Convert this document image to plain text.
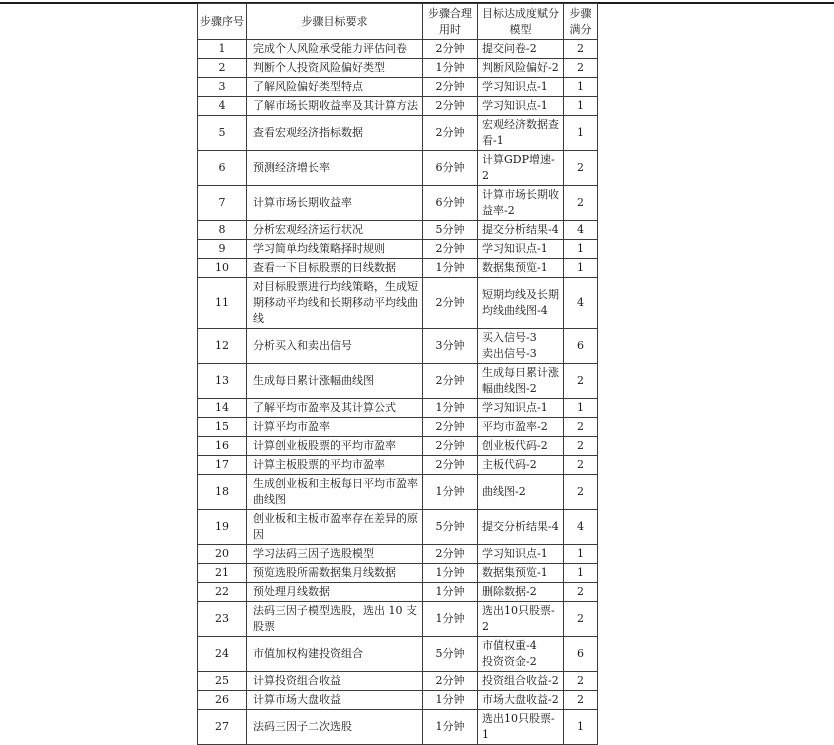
步骤序号	步骤目标要求	步骤合理用时	目标达成度赋分模型	步骤满分
1	完成个人风险承受能力评估问卷	2分钟	提交问卷-2	2
2	判断个人投资风险偏好类型	1分钟	判断风险偏好-2	2
3	了解风险偏好类型特点	2分钟	学习知识点-1	1
4	了解市场长期收益率及其计算方法	2分钟	学习知识点-1	1
5	查看宏观经济指标数据	2分钟	宏观经济数据查看-1	1
6	预测经济增长率	6分钟	计算GDP增速-2	2
7	计算市场长期收益率	6分钟	计算市场长期收益率-2	2
8	分析宏观经济运行状况	5分钟	提交分析结果-4	4
9	学习简单均线策略择时规则	2分钟	学习知识点-1	1
10	查看一下目标股票的日线数据	1分钟	数据集预览-1	1
11	对目标股票进行均线策略，生成短期移动平均线和长期移动平均线曲线	2分钟	短期均线及长期均线曲线图-4	4
12	分析买入和卖出信号	3分钟	买入信号-3
卖出信号-3	6
13	生成每日累计涨幅曲线图	2分钟	生成每日累计涨幅曲线图-2	2
14	了解平均市盈率及其计算公式	1分钟	学习知识点-1	1
15	计算平均市盈率	2分钟	平均市盈率-2	2
16	计算创业板股票的平均市盈率	2分钟	创业板代码-2	2
17	计算主板股票的平均市盈率	2分钟	主板代码-2	2
18	生成创业板和主板每日平均市盈率曲线图	1分钟	曲线图-2	2
19	创业板和主板市盈率存在差异的原因	5分钟	提交分析结果-4	4
20	学习法码三因子选股模型	2分钟	学习知识点-1	1
21	预览选股所需数据集月线数据	1分钟	数据集预览-1	1
22	预处理月线数据	1分钟	删除数据-2	2
23	法码三因子模型选股，选出 10 支股票	1分钟	选出10只股票-2	2
24	市值加权构建投资组合	5分钟	市值权重-4
投资资金-2	6
25	计算投资组合收益	2分钟	投资组合收益-2	2
26	计算市场大盘收益	1分钟	市场大盘收益-2	2
27	法码三因子二次选股	1分钟	选出10只股票-1	1
